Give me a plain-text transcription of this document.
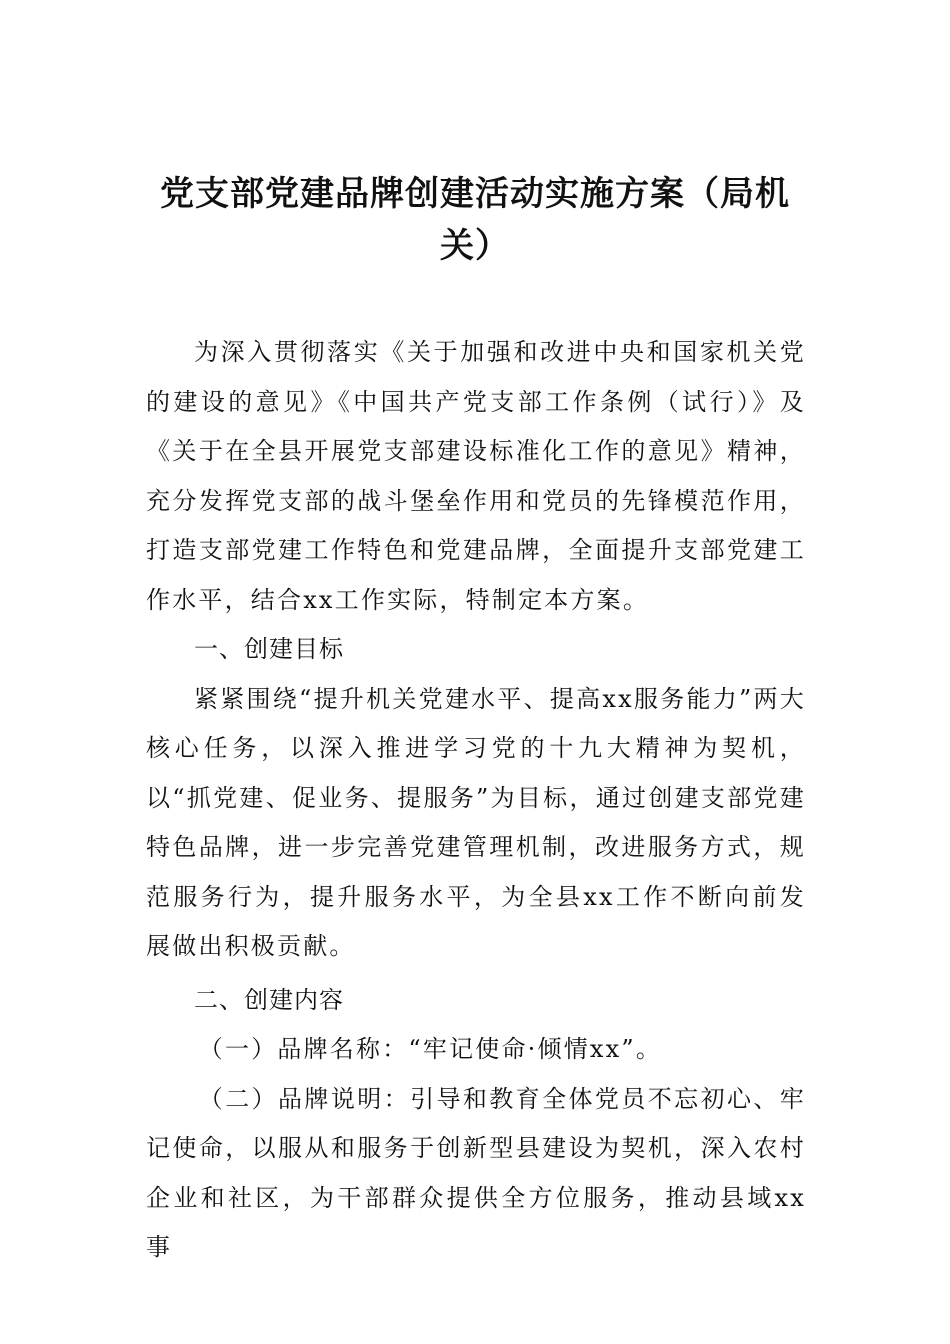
党支部党建品牌创建活动实施方案（局机关）

为深入贯彻落实《关于加强和改进中央和国家机关党的建设的意见》《中国共产党支部工作条例（试行）》及《关于在全县开展党支部建设标准化工作的意见》精神，充分发挥党支部的战斗堡垒作用和党员的先锋模范作用，打造支部党建工作特色和党建品牌，全面提升支部党建工作水平，结合xx工作实际，特制定本方案。

一、创建目标

紧紧围绕“提升机关党建水平、提高xx服务能力”两大核心任务，以深入推进学习党的十九大精神为契机，以“抓党建、促业务、提服务”为目标，通过创建支部党建特色品牌，进一步完善党建管理机制，改进服务方式，规范服务行为，提升服务水平，为全县xx工作不断向前发展做出积极贡献。

二、创建内容

（一）品牌名称：“牢记使命·倾情xx”。

（二）品牌说明：引导和教育全体党员不忘初心、牢记使命，以服从和服务于创新型县建设为契机，深入农村企业和社区，为干部群众提供全方位服务，推动县域xx事
